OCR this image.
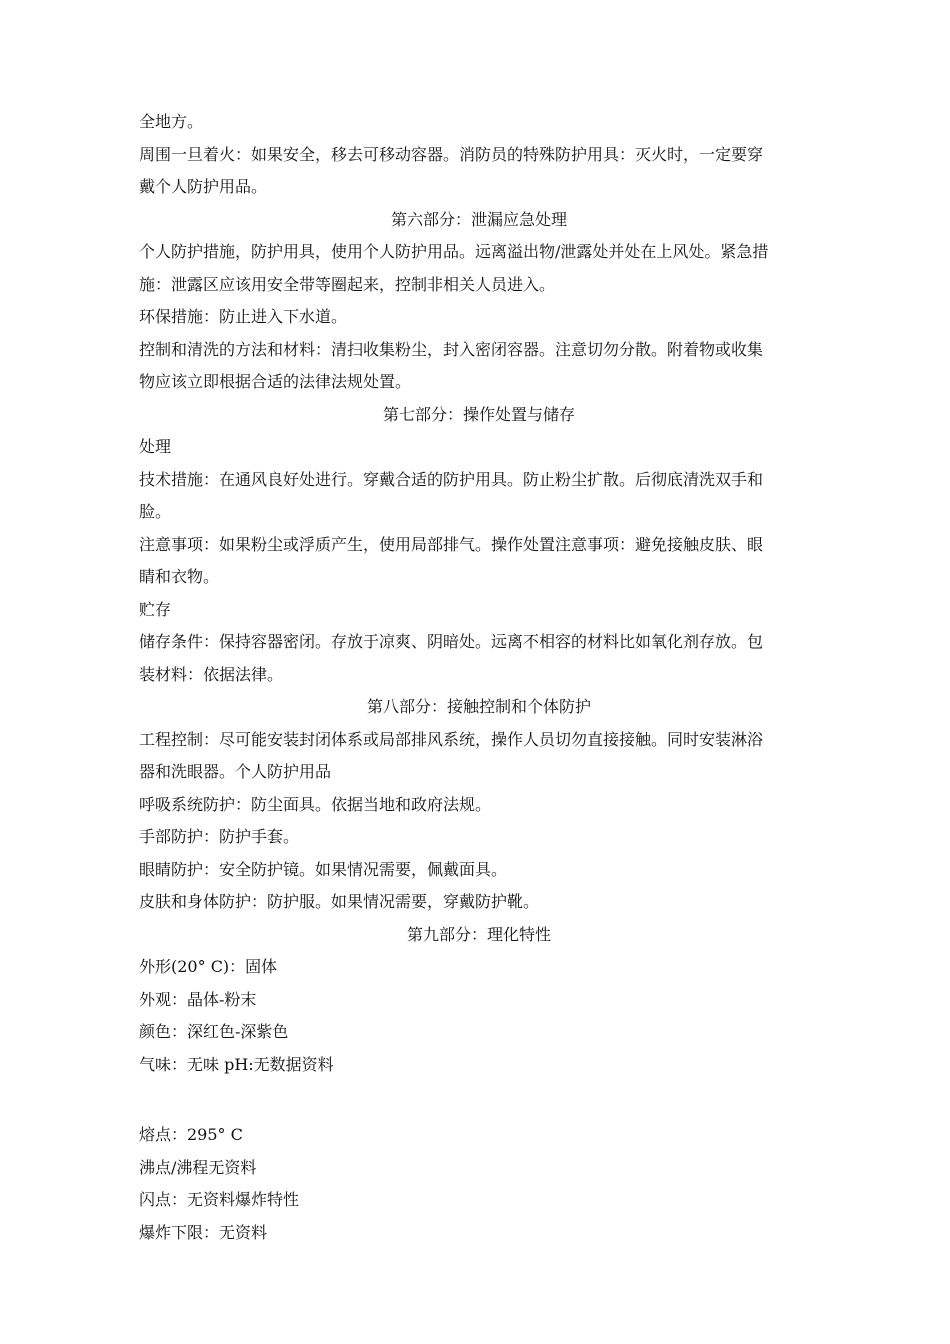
全地方。

周围一旦着火：如果安全，移去可移动容器。消防员的特殊防护用具：灭火时，一定要穿

戴个人防护用品。

第六部分：泄漏应急处理

个人防护措施，防护用具，使用个人防护用品。远离溢出物/泄露处并处在上风处。紧急措

施：泄露区应该用安全带等圈起来，控制非相关人员进入。

环保措施：防止进入下水道。

控制和清洗的方法和材料：清扫收集粉尘，封入密闭容器。注意切勿分散。附着物或收集

物应该立即根据合适的法律法规处置。

第七部分：操作处置与储存

处理

技术措施：在通风良好处进行。穿戴合适的防护用具。防止粉尘扩散。后彻底清洗双手和

脸。

注意事项：如果粉尘或浮质产生，使用局部排气。操作处置注意事项：避免接触皮肤、眼

睛和衣物。

贮存

储存条件：保持容器密闭。存放于凉爽、阴暗处。远离不相容的材料比如氧化剂存放。包

装材料：依据法律。

第八部分：接触控制和个体防护

工程控制：尽可能安装封闭体系或局部排风系统，操作人员切勿直接接触。同时安装淋浴

器和洗眼器。个人防护用品

呼吸系统防护：防尘面具。依据当地和政府法规。

手部防护：防护手套。

眼睛防护：安全防护镜。如果情况需要，佩戴面具。

皮肤和身体防护：防护服。如果情况需要，穿戴防护靴。

第九部分：理化特性

外形(20° C)：固体

外观：晶体-粉末

颜色：深红色-深紫色

气味：无味 pH:无数据资料

熔点：295° C

沸点/沸程无资料

闪点：无资料爆炸特性

爆炸下限：无资料
